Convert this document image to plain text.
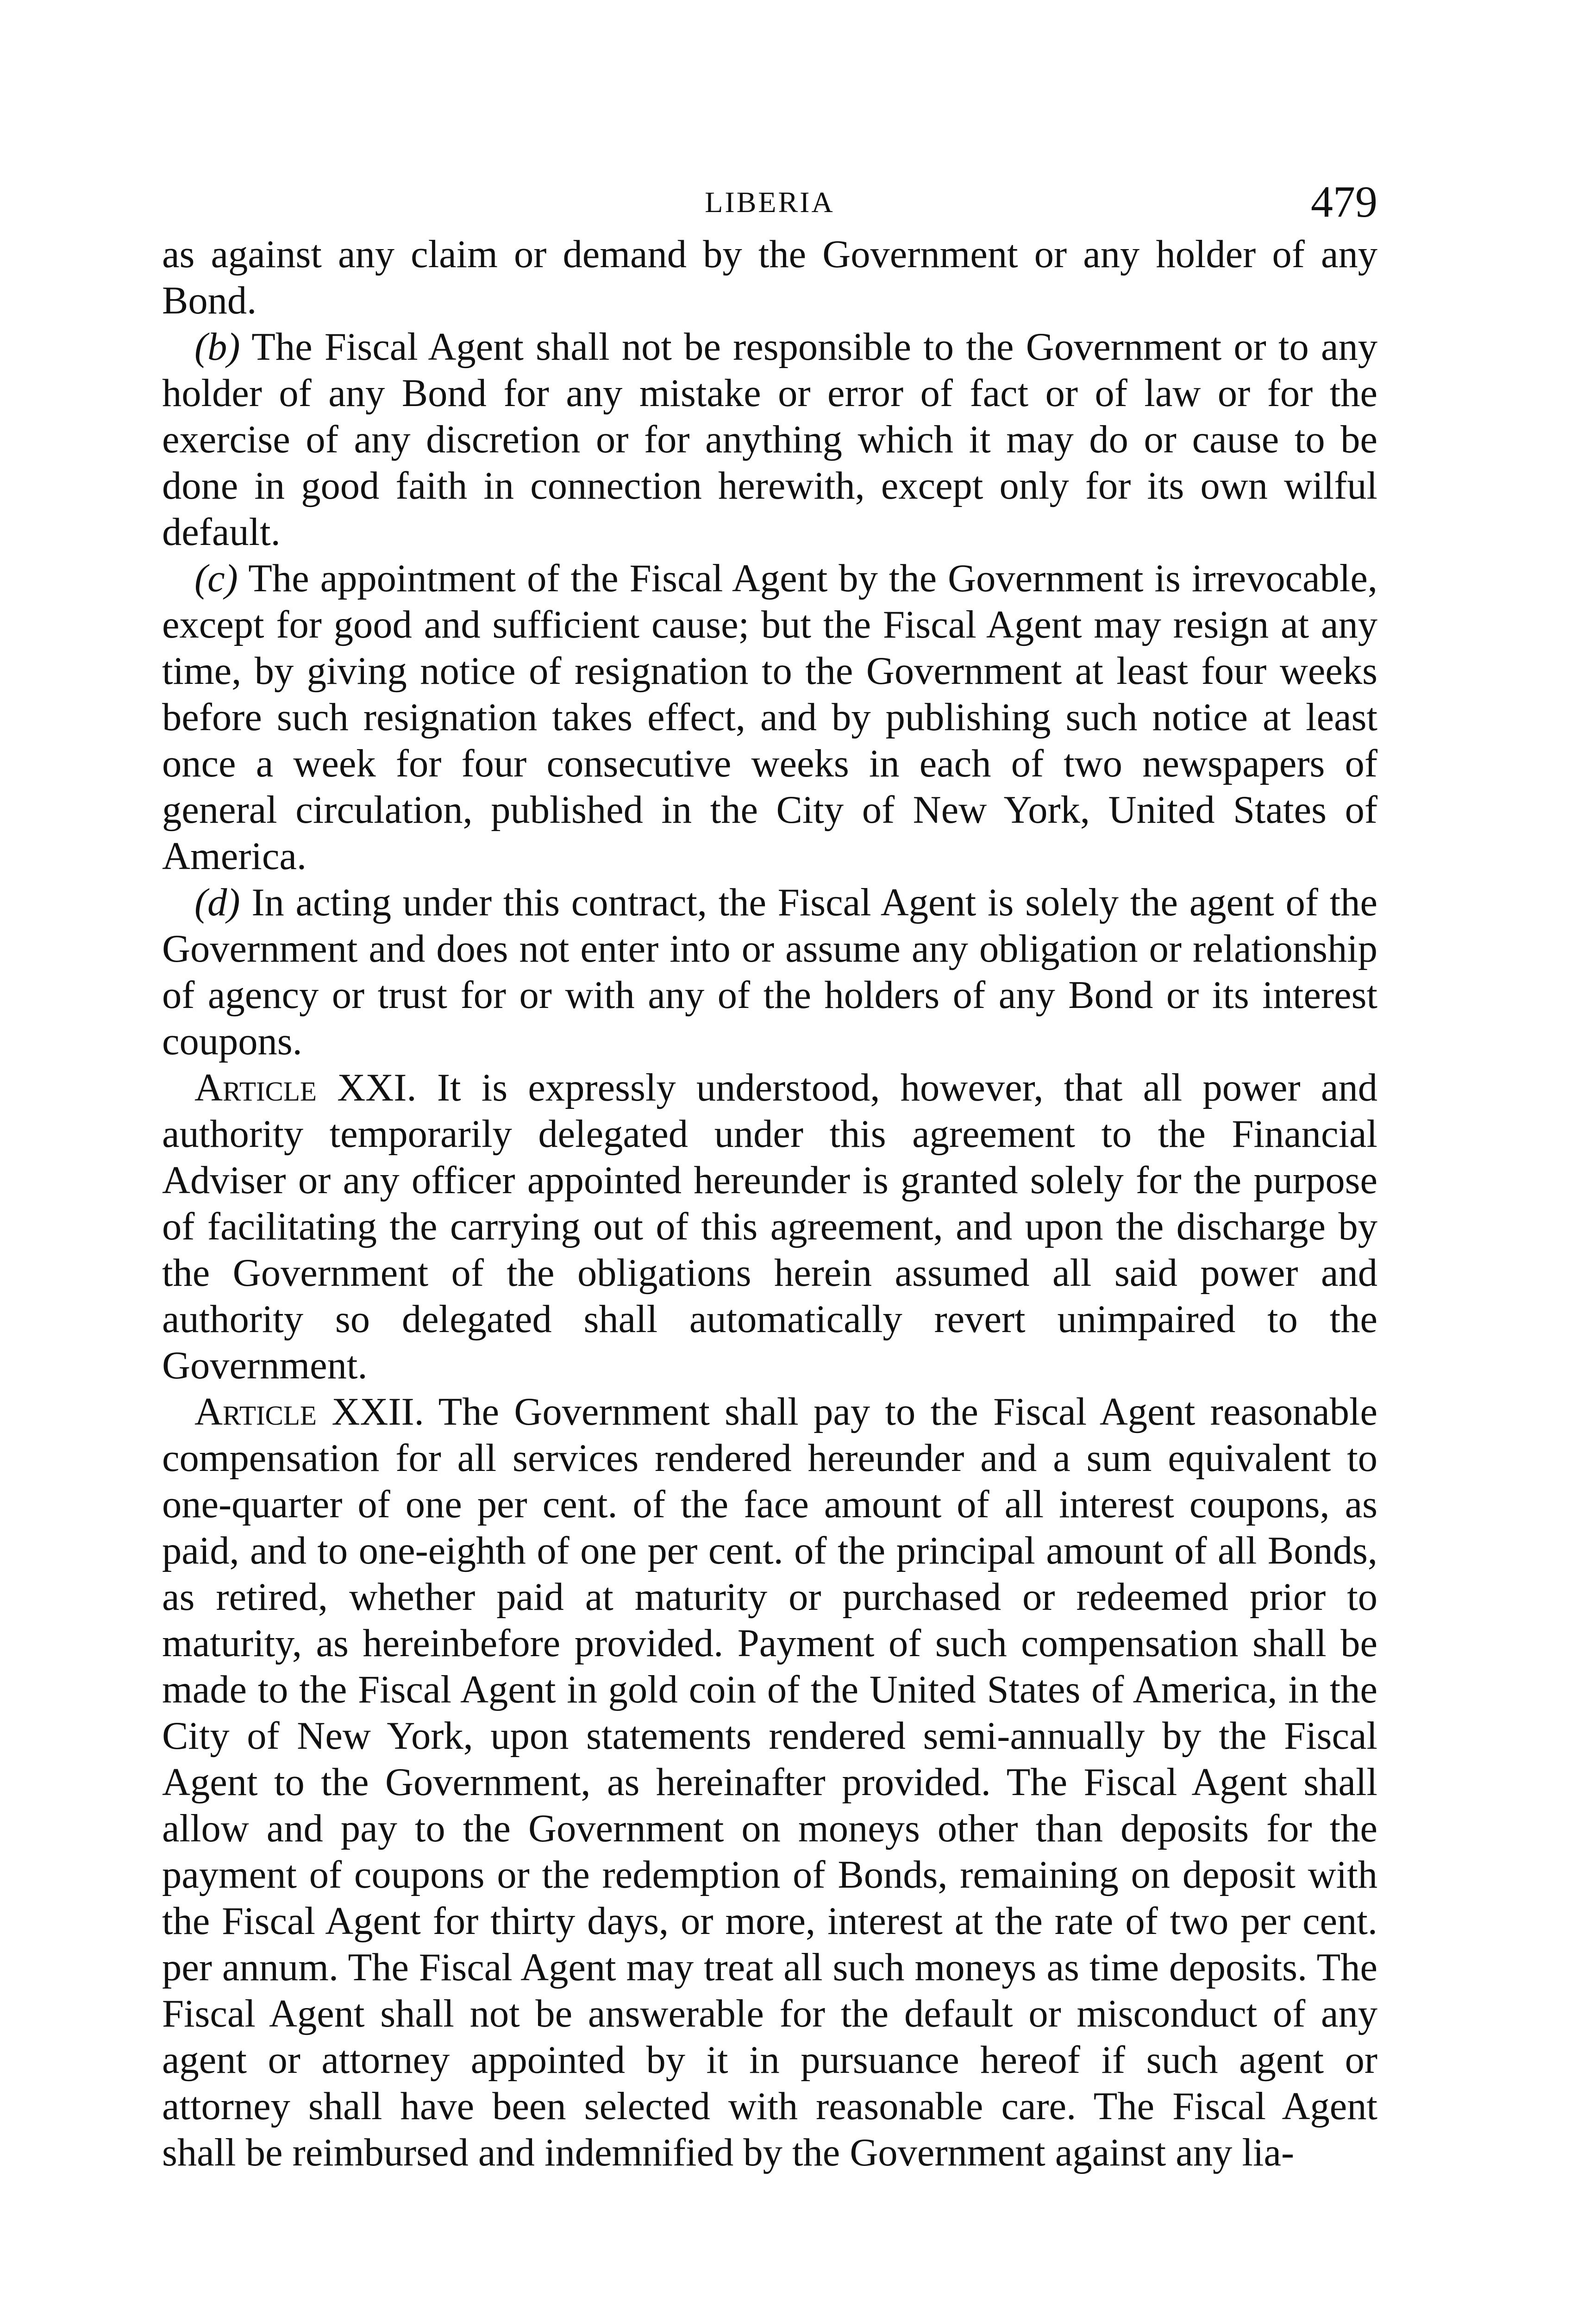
LIBERIA	479

as against any claim or demand by the Government or any holder of any Bond.

(b) The Fiscal Agent shall not be responsible to the Government or to any holder of any Bond for any mistake or error of fact or of law or for the exercise of any discretion or for anything which it may do or cause to be done in good faith in connection herewith, except only for its own wilful default.

(c) The appointment of the Fiscal Agent by the Government is irrevocable, except for good and sufficient cause; but the Fiscal Agent may resign at any time, by giving notice of resignation to the Government at least four weeks before such resignation takes effect, and by publishing such notice at least once a week for four consecutive weeks in each of two newspapers of general circulation, published in the City of New York, United States of America.

(d) In acting under this contract, the Fiscal Agent is solely the agent of the Government and does not enter into or assume any obligation or relationship of agency or trust for or with any of the holders of any Bond or its interest coupons.

Article XXI. It is expressly understood, however, that all power and authority temporarily delegated under this agreement to the Financial Adviser or any officer appointed hereunder is granted solely for the purpose of facilitating the carrying out of this agreement, and upon the discharge by the Government of the obligations herein assumed all said power and authority so delegated shall automatically revert unimpaired to the Government.

Article XXII. The Government shall pay to the Fiscal Agent reasonable compensation for all services rendered hereunder and a sum equivalent to one-quarter of one per cent. of the face amount of all interest coupons, as paid, and to one-eighth of one per cent. of the principal amount of all Bonds, as retired, whether paid at maturity or purchased or redeemed prior to maturity, as hereinbefore provided. Payment of such compensation shall be made to the Fiscal Agent in gold coin of the United States of America, in the City of New York, upon statements rendered semi-annually by the Fiscal Agent to the Government, as hereinafter provided. The Fiscal Agent shall allow and pay to the Government on moneys other than deposits for the payment of coupons or the redemption of Bonds, remaining on deposit with the Fiscal Agent for thirty days, or more, interest at the rate of two per cent. per annum. The Fiscal Agent may treat all such moneys as time deposits. The Fiscal Agent shall not be answerable for the default or misconduct of any agent or attorney appointed by it in pursuance hereof if such agent or attorney shall have been selected with reasonable care. The Fiscal Agent shall be reimbursed and indemnified by the Government against any lia-
